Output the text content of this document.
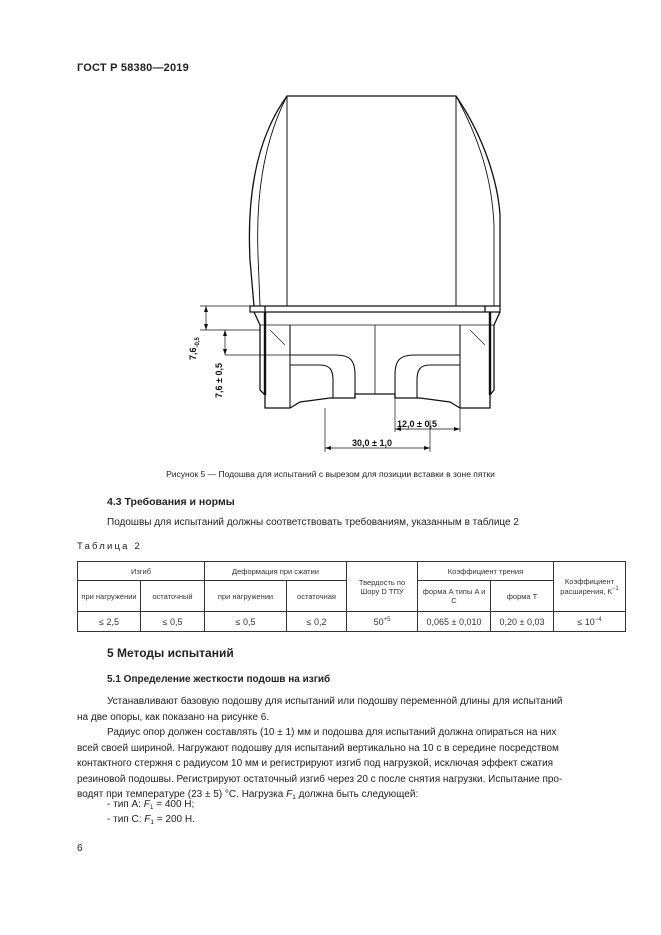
ГОСТ Р 58380—2019
$7,6_{-0,5}$
7,6 ± 0,5
12,0 ± 0,5
30,0 ± 1,0
Рисунок 5 — Подошва для испытаний с вырезом для позиции вставки в зоне пятки
4.3 Требования и нормы
Подошвы для испытаний должны соответствовать требованиям, указанным в таблице 2
Таблица 2
Изгиб		Деформация при сжатии		Твердость по Шору D ТПУ	Коэффициент трения		Коэффициент расширения, $К^{-1}$
при нагружении	остаточный	при нагружении	остаточная		форма A типы A и C	форма T	
≤ 2,5	≤ 0,5	≤ 0,5	≤ 0,2	$50^{+5}$	0,065 ± 0,010	0,20 ± 0,03	≤ $10^{-4}$
5 Методы испытаний
5.1 Определение жесткости подошв на изгиб
Устанавливают базовую подошву для испытаний или подошву переменной длины для испытаний
на две опоры, как показано на рисунке 6.
Радиус опор должен составлять (10 ± 1) мм и подошва для испытаний должна опираться на них
всей своей шириной. Нагружают подошву для испытаний вертикально на 10 с в середине посредством
контактного стержня с радиусом 10 мм и регистрируют изгиб под нагрузкой, исключая эффект сжатия
резиновой подошвы. Регистрируют остаточный изгиб через 20 с после снятия нагрузки. Испытание про-
водят при температуре (23 ± 5) °С. Нагрузка $F_1$ должна быть следующей:
- тип А: $F_1 = 400$ Н;
- тип С: $F_1 = 200$ Н.
6
